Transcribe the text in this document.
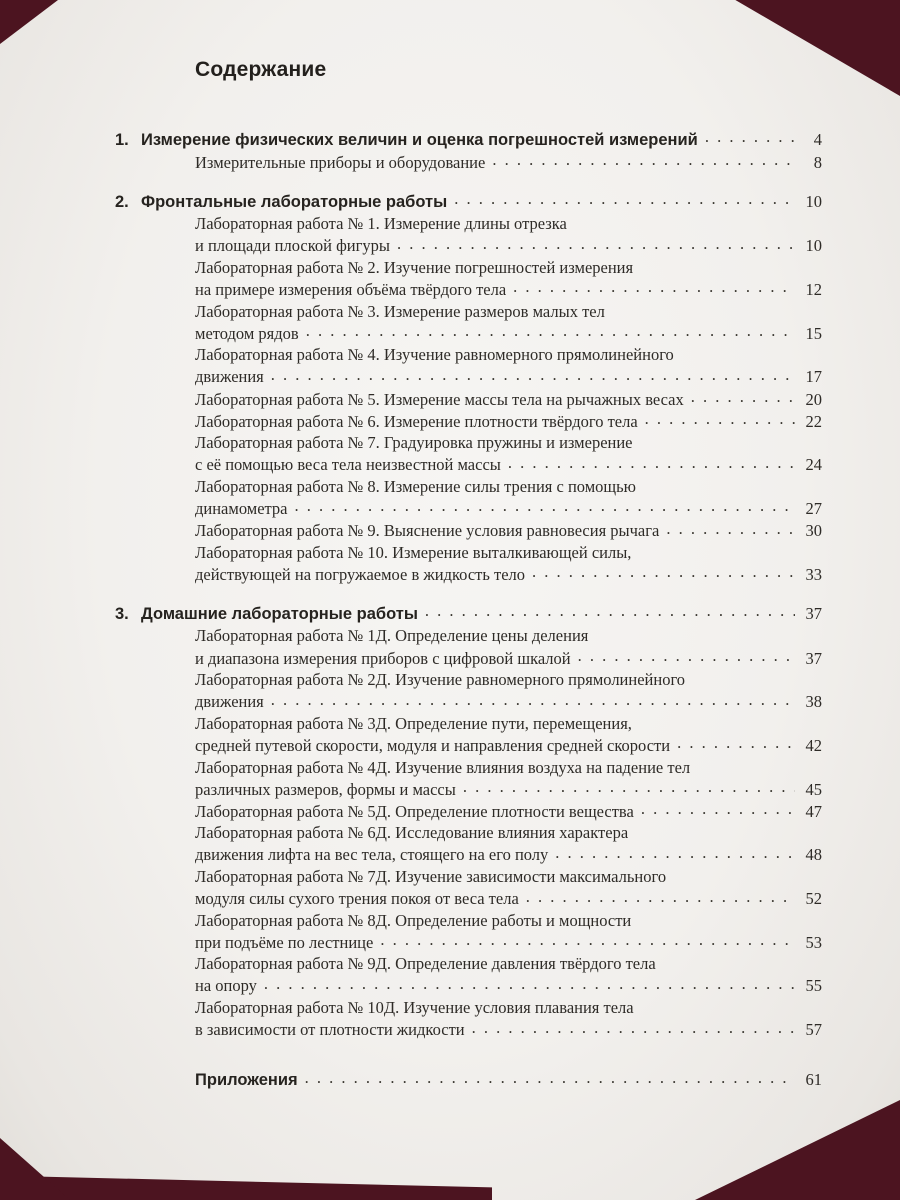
Содержание
1. Измерение физических величин и оценка погрешностей измерений . . .	4
Измерительные приборы и оборудование . . .	8
2. Фронтальные лабораторные работы . . .	10
Лабораторная работа № 1. Измерение длины отрезка
и площади плоской фигуры . . .	10
Лабораторная работа № 2. Изучение погрешностей измерения
на примере измерения объёма твёрдого тела . . .	12
Лабораторная работа № 3. Измерение размеров малых тел
методом рядов . . .	15
Лабораторная работа № 4. Изучение равномерного прямолинейного
движения . . .	17
Лабораторная работа № 5. Измерение массы тела на рычажных весах . . .	20
Лабораторная работа № 6. Измерение плотности твёрдого тела . . .	22
Лабораторная работа № 7. Градуировка пружины и измерение
с её помощью веса тела неизвестной массы . . .	24
Лабораторная работа № 8. Измерение силы трения с помощью
динамометра . . .	27
Лабораторная работа № 9. Выяснение условия равновесия рычага . . .	30
Лабораторная работа № 10. Измерение выталкивающей силы,
действующей на погружаемое в жидкость тело . . .	33
3. Домашние лабораторные работы . . .	37
Лабораторная работа № 1Д. Определение цены деления
и диапазона измерения приборов с цифровой шкалой . . .	37
Лабораторная работа № 2Д. Изучение равномерного прямолинейного
движения . . .	38
Лабораторная работа № 3Д. Определение пути, перемещения,
средней путевой скорости, модуля и направления средней скорости . . .	42
Лабораторная работа № 4Д. Изучение влияния воздуха на падение тел
различных размеров, формы и массы . . .	45
Лабораторная работа № 5Д. Определение плотности вещества . . .	47
Лабораторная работа № 6Д. Исследование влияния характера
движения лифта на вес тела, стоящего на его полу . . .	48
Лабораторная работа № 7Д. Изучение зависимости максимального
модуля силы сухого трения покоя от веса тела . . .	52
Лабораторная работа № 8Д. Определение работы и мощности
при подъёме по лестнице . . .	53
Лабораторная работа № 9Д. Определение давления твёрдого тела
на опору . . .	55
Лабораторная работа № 10Д. Изучение условия плавания тела
в зависимости от плотности жидкости . . .	57
Приложения . . .	61
